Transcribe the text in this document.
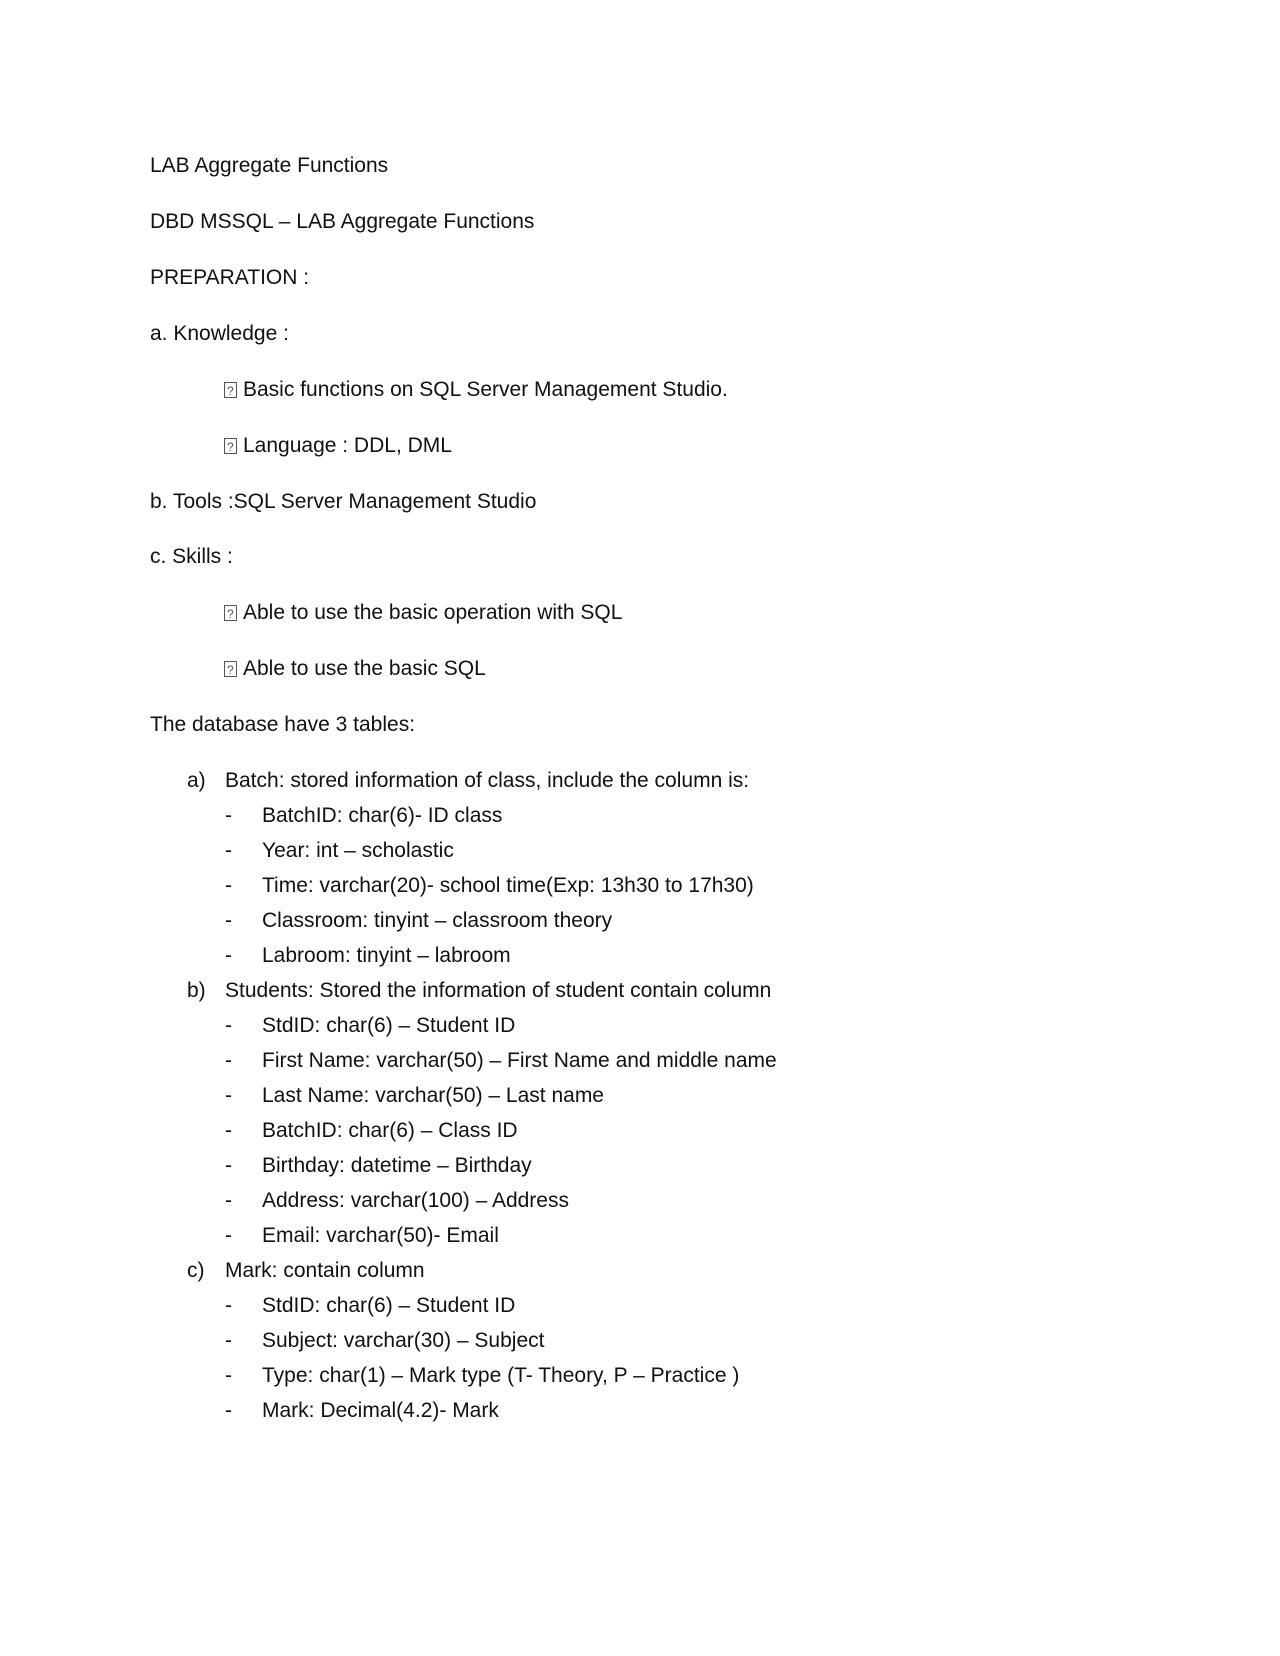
LAB Aggregate Functions
DBD MSSQL – LAB Aggregate Functions
PREPARATION :
a. Knowledge :
?Basic functions on SQL Server Management Studio.
?Language : DDL, DML
b. Tools :SQL Server Management Studio
c. Skills :
?Able to use the basic operation with SQL
?Able to use the basic SQL
The database have 3 tables:
a) Batch: stored information of class, include the column is:
- BatchID: char(6)- ID class
- Year: int – scholastic
- Time: varchar(20)- school time(Exp: 13h30 to 17h30)
- Classroom: tinyint – classroom theory
- Labroom: tinyint – labroom
b) Students: Stored the information of student contain column
- StdID: char(6) – Student ID
- First Name: varchar(50) – First Name and middle name
- Last Name: varchar(50) – Last name
- BatchID: char(6) – Class ID
- Birthday: datetime – Birthday
- Address: varchar(100) – Address
- Email: varchar(50)- Email
c) Mark: contain column
- StdID: char(6) – Student ID
- Subject: varchar(30) – Subject
- Type: char(1) – Mark type (T- Theory, P – Practice )
- Mark: Decimal(4.2)- Mark
